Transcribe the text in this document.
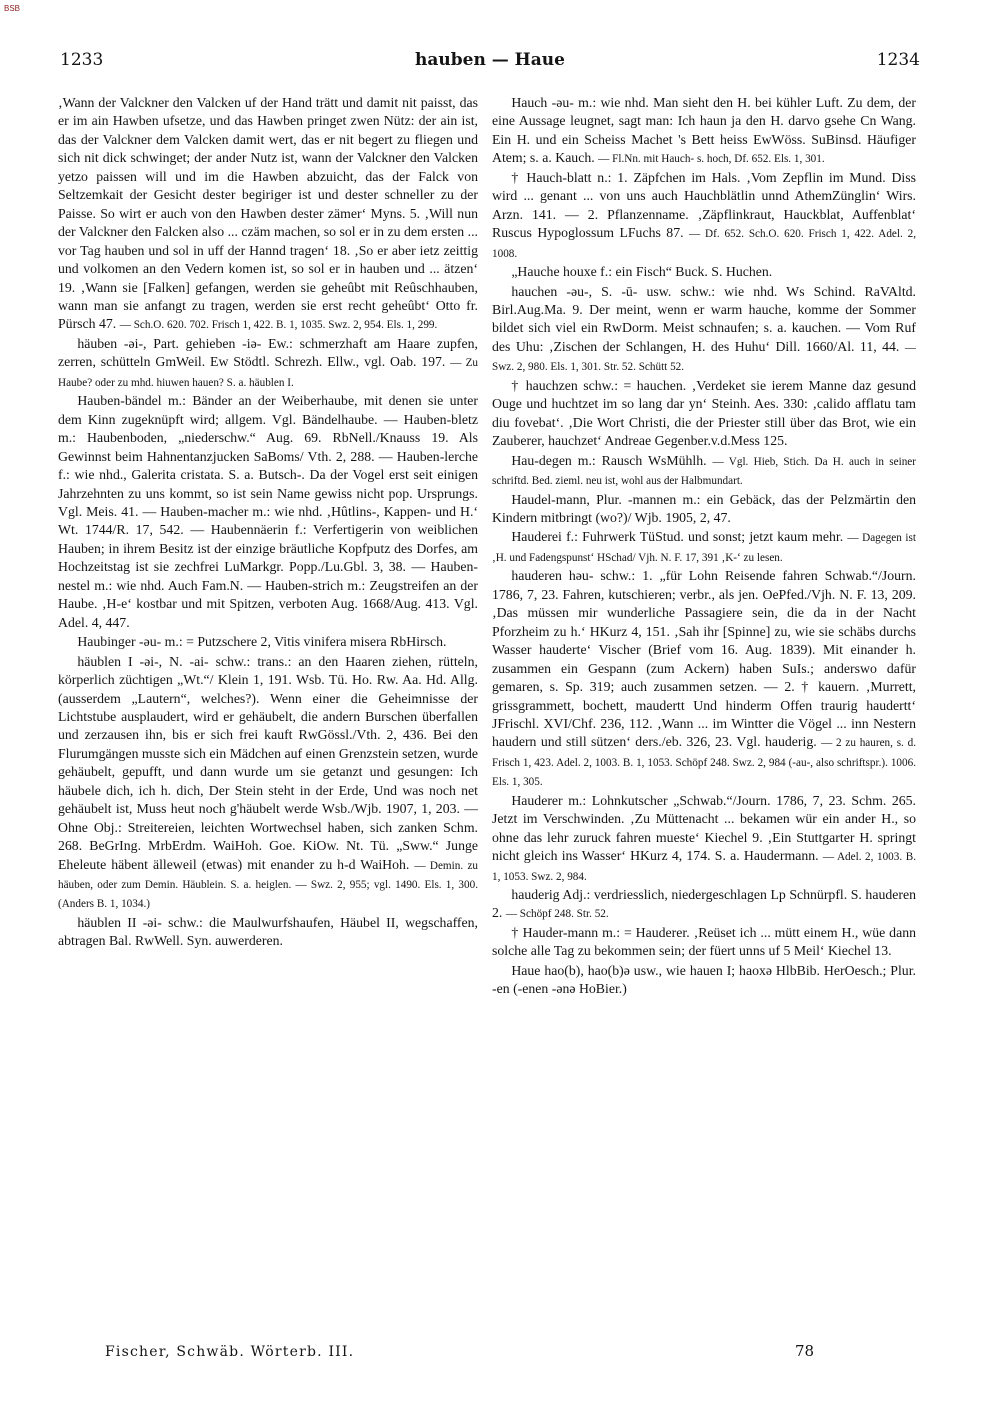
BSB
1233	hauben — Haue	1234

‚Wann der Valckner den Valcken uf der Hand trätt und damit nit paisst, das er im ain Hawben ufsetze, und das Hawben pringet zwen Nütz: der ain ist, das der Valckner dem Valcken damit wert, das er nit begert zu fliegen und sich nit dick schwinget; der ander Nutz ist, wann der Valckner den Valcken yetzo paissen will und im die Hawben abzuicht, das der Falck von Seltzemkait der Gesicht dester begiriger ist und dester schneller zu der Paisse. So wirt er auch von den Hawben dester zämer‘ Myns. 5. ‚Will nun der Valckner den Falcken also ... czäm machen, so sol er in zu dem ersten ... vor Tag hauben und sol in uff der Hannd tragen‘ 18. ‚So er aber ietz zeittig und volkomen an den Vedern komen ist, so sol er in hauben und ... ätzen‘ 19. ‚Wann sie [Falken] gefangen, werden sie geheûbt mit Reûschhauben, wann man sie anfangt zu tragen, werden sie erst recht geheûbt‘ Otto fr. Pürsch 47. — Sch.O. 620. 702. Frisch 1, 422. B. 1, 1035. Swz. 2, 954. Els. 1, 299.

häuben -əi-, Part. gehieben -iə- Ew.: schmerzhaft am Haare zupfen, zerren, schütteln GmWeil. Ew Stödtl. Schrezh. Ellw., vgl. Oab. 197. — Zu Haube? oder zu mhd. hiuwen hauen? S. a. häublen I.

Hauben-bändel m.: Bänder an der Weiberhaube, mit denen sie unter dem Kinn zugeknüpft wird; allgem. Vgl. Bändelhaube. — Hauben-bletz m.: Haubenboden, „niederschw.“ Aug. 69. RbNell./Knauss 19. Als Gewinnst beim Hahnentanzjucken SaBoms/ Vth. 2, 288. — Hauben-lerche f.: wie nhd., Galerita cristata. S. a. Butsch-. Da der Vogel erst seit einigen Jahrzehnten zu uns kommt, so ist sein Name gewiss nicht pop. Ursprungs. Vgl. Meis. 41. — Hauben-macher m.: wie nhd. ‚Hûtlins-, Kappen- und H.‘ Wt. 1744/R. 17, 542. — Haubennäerin f.: Verfertigerin von weiblichen Hauben; in ihrem Besitz ist der einzige bräutliche Kopfputz des Dorfes, am Hochzeitstag ist sie zechfrei LuMarkgr. Popp./Lu.Gbl. 3, 38. — Hauben-nestel m.: wie nhd. Auch Fam.N. — Hauben-strich m.: Zeugstreifen an der Haube. ‚H-e‘ kostbar und mit Spitzen, verboten Aug. 1668/Aug. 413. Vgl. Adel. 4, 447.

Haubinger -əu- m.: = Putzschere 2, Vitis vinifera misera RbHirsch.

häublen I -əi-, N. -ai- schw.: trans.: an den Haaren ziehen, rütteln, körperlich züchtigen „Wt.“/ Klein 1, 191. Wsb. Tü. Ho. Rw. Aa. Hd. Allg. (ausserdem „Lautern“, welches?). Wenn einer die Geheimnisse der Lichtstube ausplaudert, wird er gehäubelt, die andern Burschen überfallen und zerzausen ihn, bis er sich frei kauft RwGössl./Vth. 2, 436. Bei den Flurumgängen musste sich ein Mädchen auf einen Grenzstein setzen, wurde gehäubelt, gepufft, und dann wurde um sie getanzt und gesungen: Ich häubele dich, ich h. dich, Der Stein steht in der Erde, Und was noch net gehäubelt ist, Muss heut noch g'häubelt werde Wsb./Wjb. 1907, 1, 203. — Ohne Obj.: Streitereien, leichten Wortwechsel haben, sich zanken Schm. 268. BeGrIng. MrbErdm. WaiHoh. Goe. KiOw. Nt. Tü. „Sww.“ Junge Eheleute häbent älleweil (etwas) mit enander zu h-d WaiHoh. — Demin. zu häuben, oder zum Demin. Häublein. S. a. heiglen. — Swz. 2, 955; vgl. 1490. Els. 1, 300. (Anders B. 1, 1034.)

häublen II -əi- schw.: die Maulwurfshaufen, Häubel II, wegschaffen, abtragen Bal. RwWell. Syn. auwerderen.

Hauch -əu- m.: wie nhd. Man sieht den H. bei kühler Luft. Zu dem, der eine Aussage leugnet, sagt man: Ich haun ja den H. darvo gsehe Cn Wang. Ein H. und ein Scheiss Machet 's Bett heiss EwWöss. SuBinsd. Häufiger Atem; s. a. Kauch. — Fl.Nn. mit Hauch- s. hoch, Df. 652. Els. 1, 301.

† Hauch-blatt n.: 1. Zäpfchen im Hals. ‚Vom Zepflin im Mund. Diss wird ... genant ... von uns auch Hauchblätlin unnd AthemZünglin‘ Wirs. Arzn. 141. — 2. Pflanzenname. ‚Zäpflinkraut, Hauckblat, Auffenblat‘ Ruscus Hypoglossum LFuchs 87. — Df. 652. Sch.O. 620. Frisch 1, 422. Adel. 2, 1008.

„Hauche houxe f.: ein Fisch“ Buck. S. Huchen.

hauchen -əu-, S. -ū- usw. schw.: wie nhd. Ws Schind. RaVAltd. Birl.Aug.Ma. 9. Der meint, wenn er warm hauche, komme der Sommer bildet sich viel ein RwDorm. Meist schnaufen; s. a. kauchen. — Vom Ruf des Uhu: ‚Zischen der Schlangen, H. des Huhu‘ Dill. 1660/Al. 11, 44. — Swz. 2, 980. Els. 1, 301. Str. 52. Schütt 52.

† hauchzen schw.: = hauchen. ‚Verdeket sie ierem Manne daz gesund Ouge und huchtzet im so lang dar yn‘ Steinh. Aes. 330: ‚calido afflatu tam diu fovebat‘. ‚Die Wort Christi, die der Priester still über das Brot, wie ein Zauberer, hauchzet‘ Andreae Gegenber.v.d.Mess 125.

Hau-degen m.: Rausch WsMühlh. — Vgl. Hieb, Stich. Da H. auch in seiner schriftd. Bed. zieml. neu ist, wohl aus der Halbmundart.

Haudel-mann, Plur. -mannen m.: ein Gebäck, das der Pelzmärtin den Kindern mitbringt (wo?)/ Wjb. 1905, 2, 47.

Hauderei f.: Fuhrwerk TüStud. und sonst; jetzt kaum mehr. — Dagegen ist ‚H. und Fadengspunst‘ HSchad/ Vjh. N. F. 17, 391 ‚K-‘ zu lesen.

hauderen həu- schw.: 1. „für Lohn Reisende fahren Schwab.“/Journ. 1786, 7, 23. Fahren, kutschieren; verbr., als jen. OePfed./Vjh. N. F. 13, 209. ‚Das müssen mir wunderliche Passagiere sein, die da in der Nacht Pforzheim zu h.‘ HKurz 4, 151. ‚Sah ihr [Spinne] zu, wie sie schäbs durchs Wasser hauderte‘ Vischer (Brief vom 16. Aug. 1839). Mit einander h. zusammen ein Gespann (zum Ackern) haben SuIs.; anderswo dafür gemaren, s. Sp. 319; auch zusammen setzen. — 2. † kauern. ‚Murrett, grissgrammett, bochett, maudertt Und hinderm Offen traurig haudertt‘ JFrischl. XVI/Chf. 236, 112. ‚Wann ... im Wintter die Vögel ... inn Nestern haudern und still sützen‘ ders./eb. 326, 23. Vgl. hauderig. — 2 zu hauren, s. d. Frisch 1, 423. Adel. 2, 1003. B. 1, 1053. Schöpf 248. Swz. 2, 984 (-au-, also schriftspr.). 1006. Els. 1, 305.

Hauderer m.: Lohnkutscher „Schwab.“/Journ. 1786, 7, 23. Schm. 265. Jetzt im Verschwinden. ‚Zu Müttenacht ... bekamen wür ein ander H., so ohne das lehr zuruck fahren mueste‘ Kiechel 9. ‚Ein Stuttgarter H. springt nicht gleich ins Wasser‘ HKurz 4, 174. S. a. Haudermann. — Adel. 2, 1003. B. 1, 1053. Swz. 2, 984.

hauderig Adj.: verdriesslich, niedergeschlagen Lp Schnürpfl. S. hauderen 2. — Schöpf 248. Str. 52.

† Hauder-mann m.: = Hauderer. ‚Reüset ich ... mütt einem H., wüe dann solche alle Tag zu bekommen sein; der füert unns uf 5 Meil‘ Kiechel 13.

Haue hao(b), hao(b)ə usw., wie hauen I; haoxə HlbBib. HerOesch.; Plur. -en (-enen -ənə HoBier.)

Fischer, Schwäb. Wörterb. III.	78
